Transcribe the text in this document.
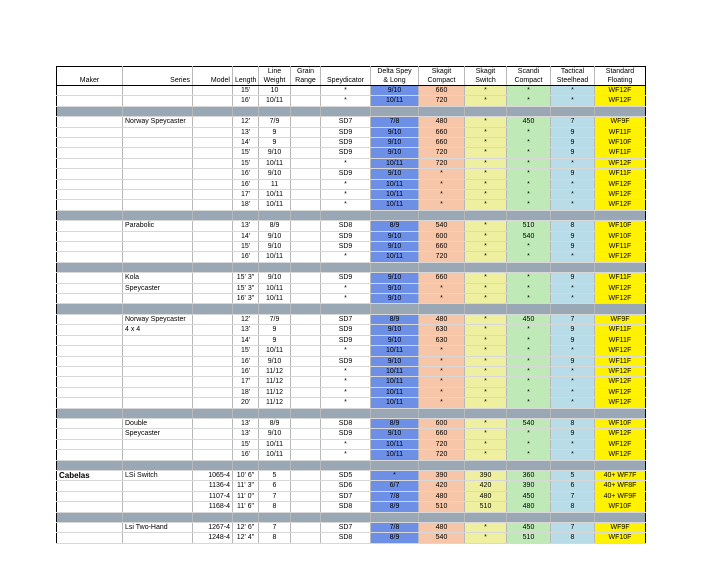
				Line	Grain		Delta Spey	Skagit	Skagit	Scandi	Tactical	Standard
Maker	Series	Model	Length	Weight	Range	Speydicator	& Long	Compact	Switch	Compact	Steelhead	Floating
			15'	10		*	9/10	660	*	*	*	WF12F
			16'	10/11		*	10/11	720	*	*	*	WF12F

	Norway Speycaster		12'	7/9		SD7	7/8	480	*	450	7	WF9F
			13'	9		SD9	9/10	660	*	*	9	WF11F
			14'	9		SD9	9/10	660	*	*	9	WF10F
			15'	9/10		SD9	9/10	720	*	*	9	WF11F
			15'	10/11		*	10/11	720	*	*	*	WF12F
			16'	9/10		SD9	9/10	*	*	*	9	WF11F
			16'	11		*	10/11	*	*	*	*	WF12F
			17'	10/11		*	10/11	*	*	*	*	WF12F
			18'	10/11		*	10/11	*	*	*	*	WF12F

	Parabolic		13'	8/9		SD8	8/9	540	*	510	8	WF10F
			14'	9/10		SD9	9/10	600	*	540	9	WF10F
			15'	9/10		SD9	9/10	660	*	*	9	WF11F
			16'	10/11		*	10/11	720	*	*	*	WF12F

	Kola		15' 3"	9/10		SD9	9/10	660	*	*	9	WF11F
	Speycaster		15' 3"	10/11		*	9/10	*	*	*	*	WF12F
			16' 3"	10/11		*	9/10	*	*	*	*	WF12F

	Norway Speycaster		12'	7/9		SD7	8/9	480	*	450	7	WF9F
	4 x 4		13'	9		SD9	9/10	630	*	*	9	WF11F
			14'	9		SD9	9/10	630	*	*	9	WF11F
			15'	10/11		*	10/11	*	*	*	*	WF12F
			16'	9/10		SD9	9/10	*	*	*	9	WF11F
			16'	11/12		*	10/11	*	*	*	*	WF12F
			17'	11/12		*	10/11	*	*	*	*	WF12F
			18'	11/12		*	10/11	*	*	*	*	WF12F
			20'	11/12		*	10/11	*	*	*	*	WF12F

	Double		13'	8/9		SD8	8/9	600	*	540	8	WF10F
	Speycaster		13'	9/10		SD9	9/10	660	*	*	9	WF12F
			15'	10/11		*	10/11	720	*	*	*	WF12F
			16'	10/11		*	10/11	720	*	*	*	WF12F

Cabelas	LSi Switch	1065-4	10' 6"	5		SD5	*	390	390	360	5	40+ WF7F
		1136-4	11' 3"	6		SD6	6/7	420	420	390	6	40+ WF8F
		1107-4	11' 0"	7		SD7	7/8	480	480	450	7	40+ WF9F
		1168-4	11' 6"	8		SD8	8/9	510	510	480	8	WF10F

	Lsi Two-Hand	1267-4	12' 6"	7		SD7	7/8	480	*	450	7	WF9F
		1248-4	12' 4"	8		SD8	8/9	540	*	510	8	WF10F
